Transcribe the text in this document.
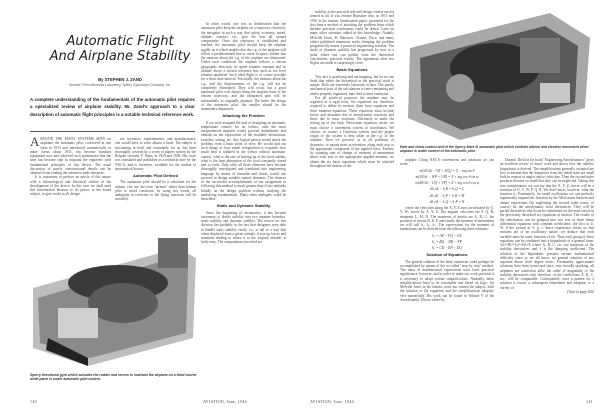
Automatic Flight
And Airplane Stability
By STEPHEN J. ZAND
Director, Fenn Memorial Laboratory, Sperry Gyroscope Company, Inc.
A complete understanding of the fundamentals of the automatic pilot requires a specialized review of airplane stability. Mr. Zand's approach to a clear description of automatic flight principles is a notable technical reference work.

AROUND THE MANY SYSTEMS SEEN on airplanes the automatic pilot, conceived in one form in 1913 and introduced commercially to many forms about 1931, has become standard equipment now and achieved such prominence that the time has become ripe to acquaint the engineers with fundamental principles of this device. The usual discussion of purely constructional details can be obtained from reading the extensive trade literature.

It is customary to preface an article of this nature with a chronological and historical outline of the development of the device. In this case we shall omit this introduction because to do justice to the broad subject, to give credit to all design-

ers, inventors, experimenters, and manufacturers, one would have to write almost a book. The subject is fascinating in itself and fortunately for us, has been thoroughly covered by a series of papers written by the Belgian scientist, F. Haus, in 1929 and 1930. His work was translated and published as a technical note by the NACA, and is, therefore, available for the student of aeronautical history.

Automatic Pilot Defined

The automatic pilot should be a substitute for the airman. (we use the term "airman" rather than human pilot to avoid confusion; by using two words, all ambiguity in reference to the flying functions will be avoided).

In other words, one sets as deliberation that the automatic pilot keep the airplane on a trajectory chosen by the navigator in such a way that safety, economy, speed, altitude, comfort, etc., give the best all around compromise. Once this trajectory is established and reached, the automatic pilot should keep the airplane rigidly on it which implies that the c.g. of the airplane will follow a predetermined line or curve in space; further that the motions about the c.g. of the airplane are eliminated. Under such conditions the airplane follows a chosen geographic direction, its speed remains constant and its altitude above a chosen reference line such as sea level remains unaltered. Such ideal flight is of course possible for a short time interval. Practically, the motions about the c.g., and the displacements of the c.g. will not be completely eliminated. They will occur, but a good automatic pilot will always bring the airplane back to the chosen trajectory, and the integrated path will be substantially as originally planned. The better the design of the automatic pilot, the smaller should be the momentary departures.

Attacking the Problem

If we were assigned the task of designing an automatic temperature control for an icebox, only the most inexperienced engineer would proceed immediately and embark on the exploration of the available thermostats, switches, wiring, etc. Any logical person would attack the problem from a basic point of view. He would find out such things as how much refrigeration is required, how much heat is radiated in the icebox without automatic control, what is the rate of heating up of the food cabinet, what is the heat absorption of the food constantly stored and so forth. Only after all those elements have become thoroughly investigated and translated into engineering language by means of formulas and charts, would one proceed to design suitable control elements. The chances of the successful accomplishment of our assignment in following this method is much greater than if one embarks blindly on the design problem without studying the underlying fundamentals. Many other analogies could be described.

Static and Dynamic Stability

Since the beginning of aeronautics, it has become customary to divide stability into two separate branches, static stability and dynamic stability. The reason for this division lies probably in the fact that designers were able to handle static stability easily, i.e., to tell in a way that when displaced from a given attitude, it sets up forces and moments tending to return it to the original attitude, is fairly easy. The computations involved are

Sperry directional gyro which actuates the rudder and serves to maintain the airplane on a fixed course while plane is under automatic pilot control.
140	AVIATION, June, 1944

stability as the practical side and design criteria are not treated at all. It was Jerome Hunsaker who, in 1911 and 1916 in his famous Smithsonian paper, presented for the first time a method of attacking the problem from which definite practical conclusions could be drawn. Later on many other scientists added to this knowledge. Notably Melville Jones, Fr. Bairstow, Glauert, Price, and many others published numerous works bringing the problem progressively nearer a practical engineering solution. The study of dynamic stability has progressed by now to a point where one can predict from the theoretical conclusions, practical results. The agreement after test flights are made is surprisingly close.

Basic Equations

This fact is gratifying and encouraging, but let no one think that either the theoretical or the practical work is simple. Both are extremely laborious at best. The purely mechanical part of the calculations is time-consuming and unless properly organized, may lead to utter confusion.

For all practical purposes the airplane may be regarded as a rigid body. Six equations are, therefore, required to define its motion: three force equations and three moment equations. These equations must include forces and moments due to aerodynamic reactions and those due to mass reactions. Obviously to make the setting up of the basic Newtonian equations easier, we must choose a convenient system of coordinates. We choose, of course, a Cartesian system, and the proper origin of the system is best taken at the c.g. of the airplane. Then we proceed, as in all problems of dynamics, to equate mass acceleration along each axis to the appropriate component of the applied force. Further, by equating rate of change of moment of momentum about each axis to the appropriate applied moment, we obtain the six basic equations which must be satisfied throughout the motion of the

Rate and climb control unit of the Sperry Mark III automatic pilot which controls aileron and elevator movement when airplane is under control of the automatic pilot.

airplane. Using NACA conventions and notations we can write:

m[dU/dt − VR + WQ] = X − mg sin θ

m[dV/dt − WP + UR] = Y + mg cos θ sin φ

m[dW/dt − UQ + VP] = Z + mg cos θ cos φ

dh₁/dt − h₂R + h₃Q = L

dh₂/dt − h₃P + h₁R = M

dh₃/dt − h₁Q + h₂P = N

where the velocities along the X, Y, Z axes are denoted by U, V, W; forces by X, Y, Z. The angular velocities are P, Q, R; moments L, M, N. The moments of inertia are A, B, C; the products of inertia D, E, F, and finally the moment of momentum we will call h₁, h₂, h₃. The expressions for the moment of momentum can be derived from the following three relations:

h₁ = AP − FQ − ER

h₂ = BQ − DR − FP

h₃ = CR − EP − DQ

Solution of Equations

The general solution of the basic equations could perhaps be accomplished by means of the so-called "step by step" method. The mass of mathematical expressions soon loses practical significance, however, and in order to make our work practical it is necessary to adopt certain simplifications. Naturally, these simplifications have to be reasonable and based on logic. Sir Melville Jones in his famous work has treated the subject, both the solution of the equations and the simplifications adopted, very masterfully. His work can be found in Volume V of the Aerodynamic Theory edited by

Durand. Diehl in his book "Engineering Aerodynamics" gives an excellent review of Jones' work and shows how the stability biquadratic is derived. The simplifications generally accepted are first to assume that the departures from the initial state are small both in respect to angles and to velocities. Then the second order products become so small that they can be neglected. Taking this into consideration, we can say that the X, Y, Z, forces will be a function of U, V, W, P, Q, R. We don't know, however, what the function is. Fortunately, for small oscillations we can perfectly legitimately expand this function by the MacLaurin theorem and obtain expressions (by neglecting the second order terms, of course) for the aerodynamic force derivatives. They will be partial derivatives which can be substituted for the mass forces in the previously described six equations of motion. The results of the substitution can be grouped into two sets of three linear differential equations with constant coefficients: the first in U, W, θ the second in V, p, r. Since experience shows us that motions are of an oscillatory nature, we deduce that each variable must be some function of eλt. Then each group of these equations can be combined into a biquadratic of a general form: Aλ⁴+Bλ³+Cλ²+Dλ+E where A, B, C, etc. are functions of the stability derivatives and λ is the damping coefficient. The solution of the biquadratic presents serious mathematical difficulty since as we all know, no general solution of any equation above third degree exists. Fortunately, approximate solutions have been found and since, very broadly speaking, all airplanes are somewhat alike the order of magnitude of the stability derivatives and, therefore, of the coefficients A, B, C, etc., will be comparable. Consequently, once a pattern for a solution is found, a subsequent refinement and adoption to a variety of

(Turn to page 200)

AVIATION, June, 1944	141
